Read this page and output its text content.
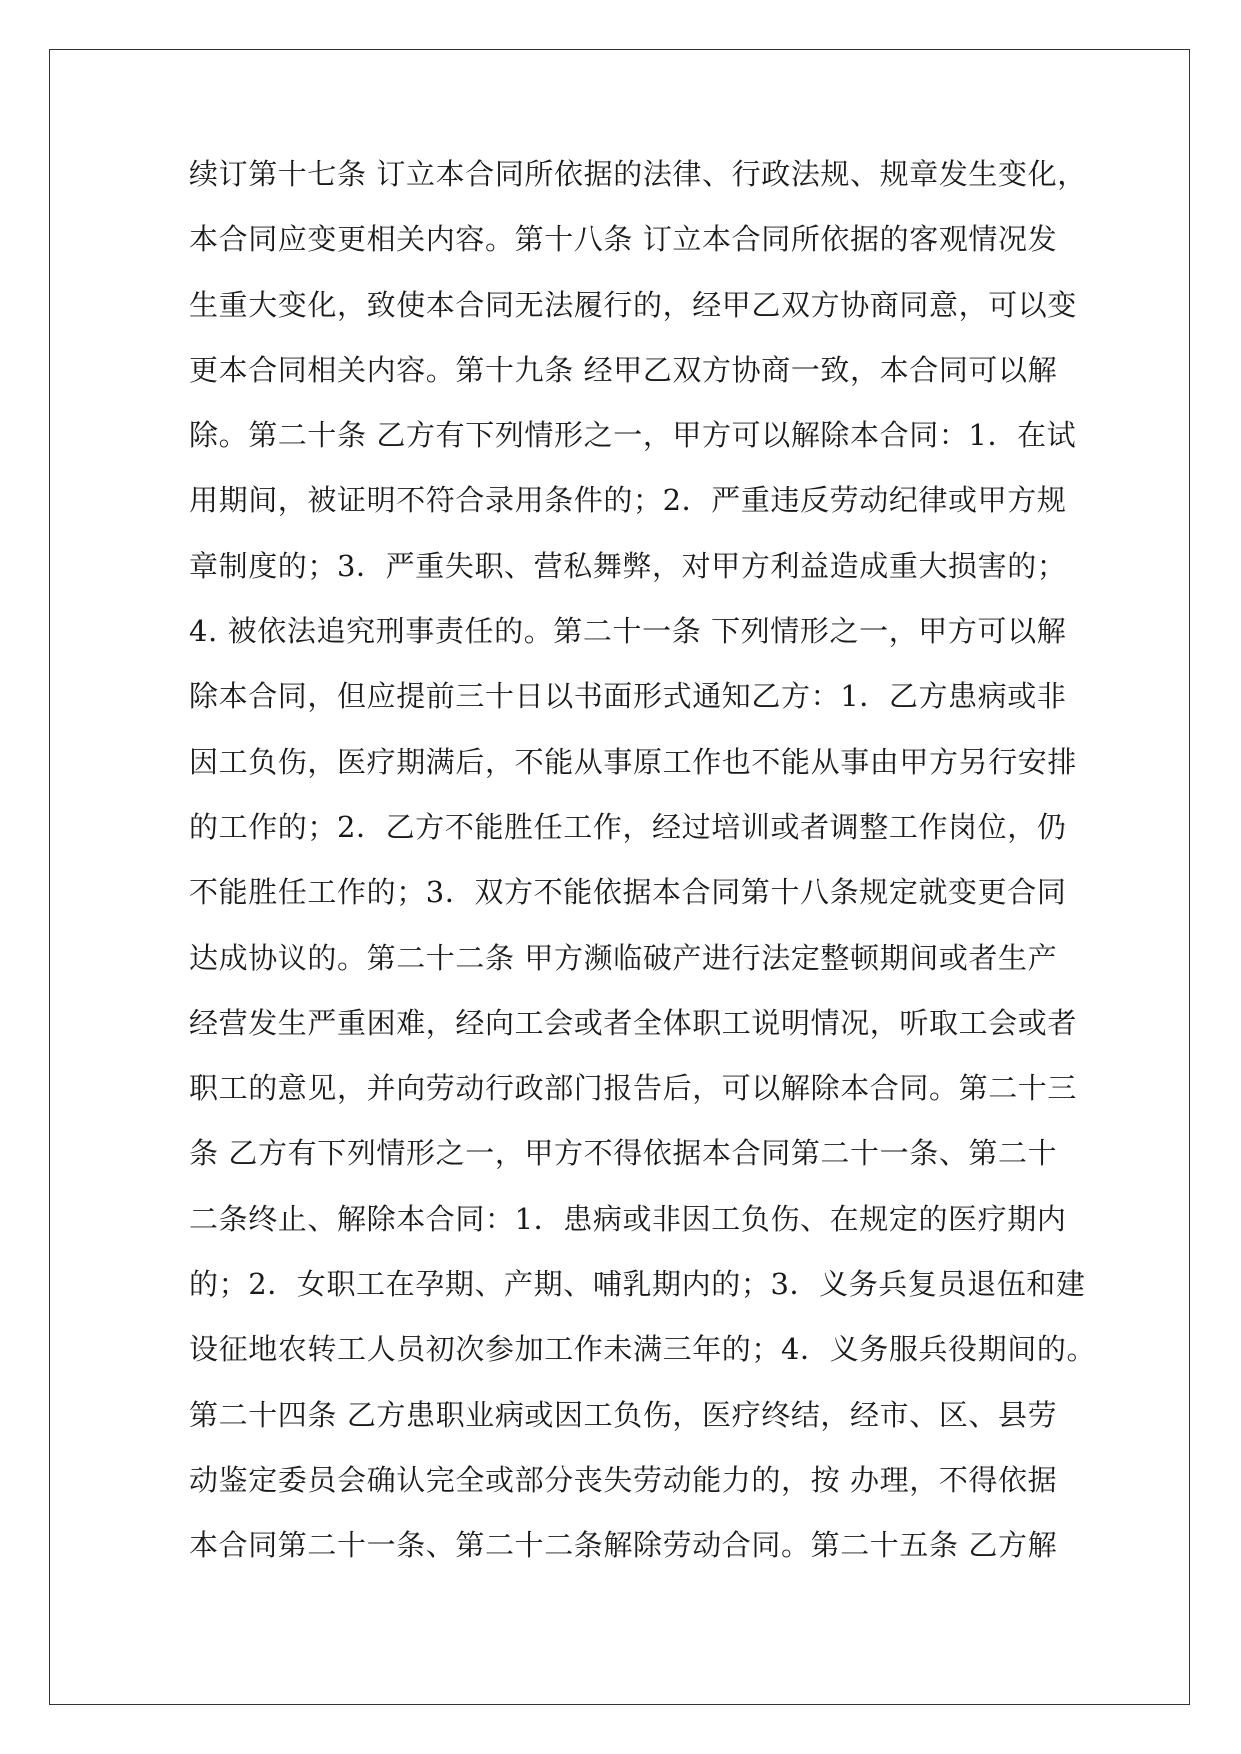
续订第十七条 订立本合同所依据的法律、行政法规、规章发生变化，
本合同应变更相关内容。第十八条 订立本合同所依据的客观情况发
生重大变化，致使本合同无法履行的，经甲乙双方协商同意，可以变
更本合同相关内容。第十九条 经甲乙双方协商一致，本合同可以解
除。第二十条 乙方有下列情形之一，甲方可以解除本合同：1．在试
用期间，被证明不符合录用条件的；2．严重违反劳动纪律或甲方规
章制度的；3．严重失职、营私舞弊，对甲方利益造成重大损害的；
4. 被依法追究刑事责任的。第二十一条 下列情形之一，甲方可以解
除本合同，但应提前三十日以书面形式通知乙方：1．乙方患病或非
因工负伤，医疗期满后，不能从事原工作也不能从事由甲方另行安排
的工作的；2．乙方不能胜任工作，经过培训或者调整工作岗位，仍
不能胜任工作的；3．双方不能依据本合同第十八条规定就变更合同
达成协议的。第二十二条 甲方濒临破产进行法定整顿期间或者生产
经营发生严重困难，经向工会或者全体职工说明情况，听取工会或者
职工的意见，并向劳动行政部门报告后，可以解除本合同。第二十三
条 乙方有下列情形之一，甲方不得依据本合同第二十一条、第二十
二条终止、解除本合同：1．患病或非因工负伤、在规定的医疗期内
的；2．女职工在孕期、产期、哺乳期内的；3．义务兵复员退伍和建
设征地农转工人员初次参加工作未满三年的；4．义务服兵役期间的。
第二十四条 乙方患职业病或因工负伤，医疗终结，经市、区、县劳
动鉴定委员会确认完全或部分丧失劳动能力的，按 办理，不得依据
本合同第二十一条、第二十二条解除劳动合同。第二十五条 乙方解
